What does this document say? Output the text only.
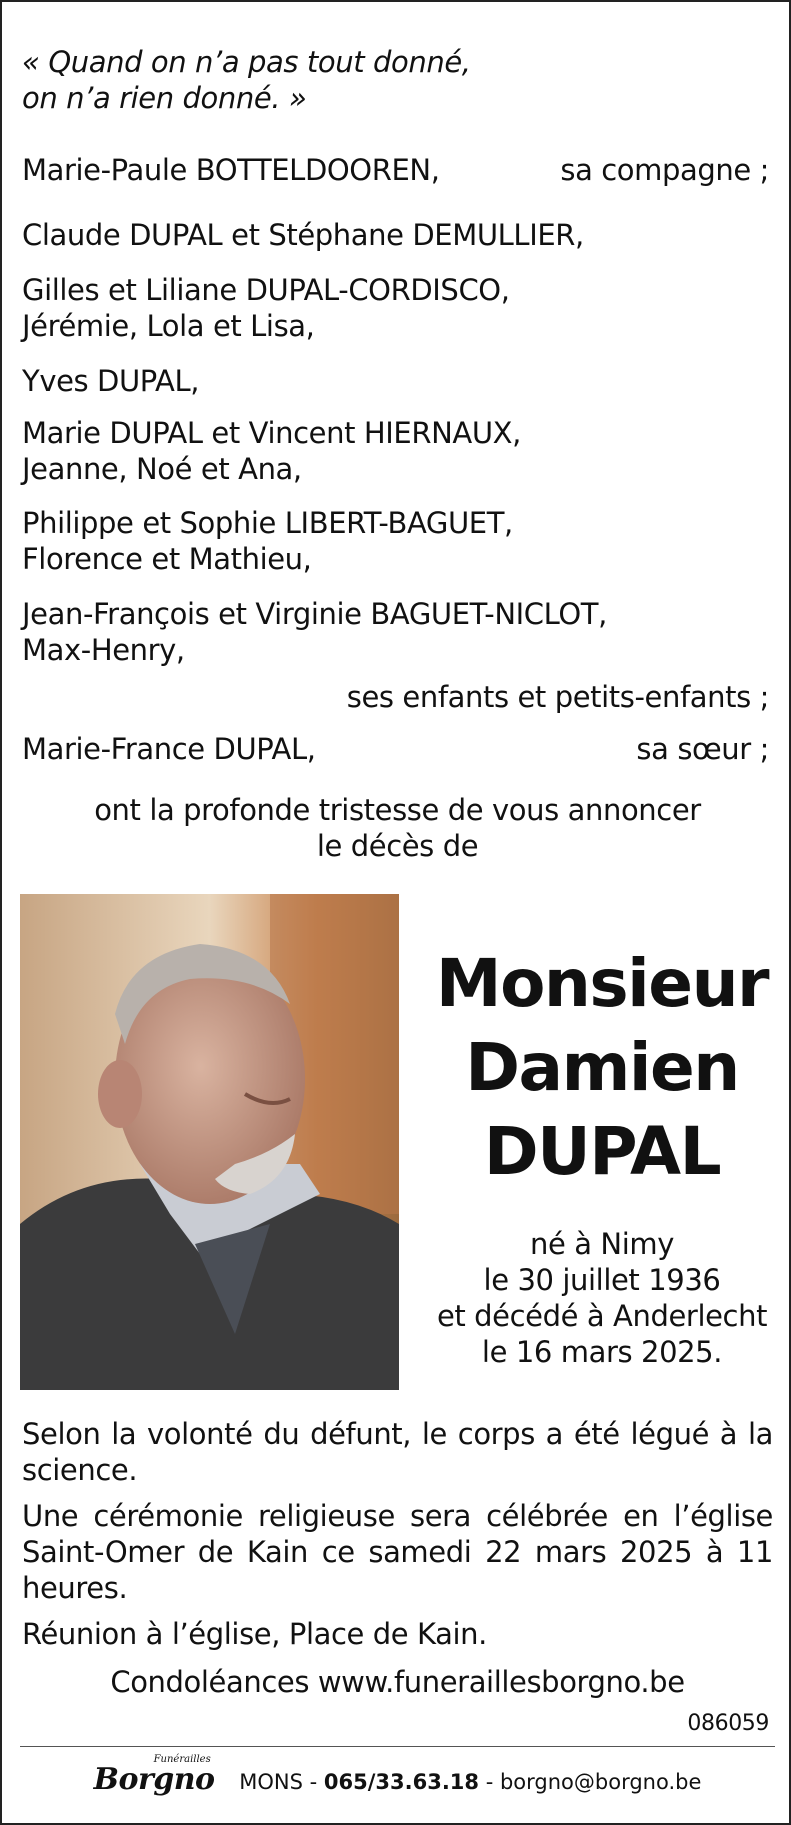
« Quand on n’a pas tout donné,
on n’a rien donné. »
Marie-Paule BOTTELDOOREN,	sa compagne ;
Claude DUPAL et Stéphane DEMULLIER,
Gilles et Liliane DUPAL-CORDISCO,
Jérémie, Lola et Lisa,
Yves DUPAL,
Marie DUPAL et Vincent HIERNAUX,
Jeanne, Noé et Ana,
Philippe et Sophie LIBERT-BAGUET,
Florence et Mathieu,
Jean-François et Virginie BAGUET-NICLOT,
Max-Henry,
ses enfants et petits-enfants ;
Marie-France DUPAL,	sa sœur ;
ont la profonde tristesse de vous annoncer
le décès de
Monsieur
Damien
DUPAL
né à Nimy
le 30 juillet 1936
et décédé à Anderlecht
le 16 mars 2025.
Selon la volonté du défunt, le corps a été légué à la science.
Une cérémonie religieuse sera célébrée en l’église Saint-Omer de Kain ce samedi 22 mars 2025 à 11 heures.
Réunion à l’église, Place de Kain.
Condoléances www.funeraillesborgno.be
086059
Funérailles
Borgno MONS - 065/33.63.18 - borgno@borgno.be
